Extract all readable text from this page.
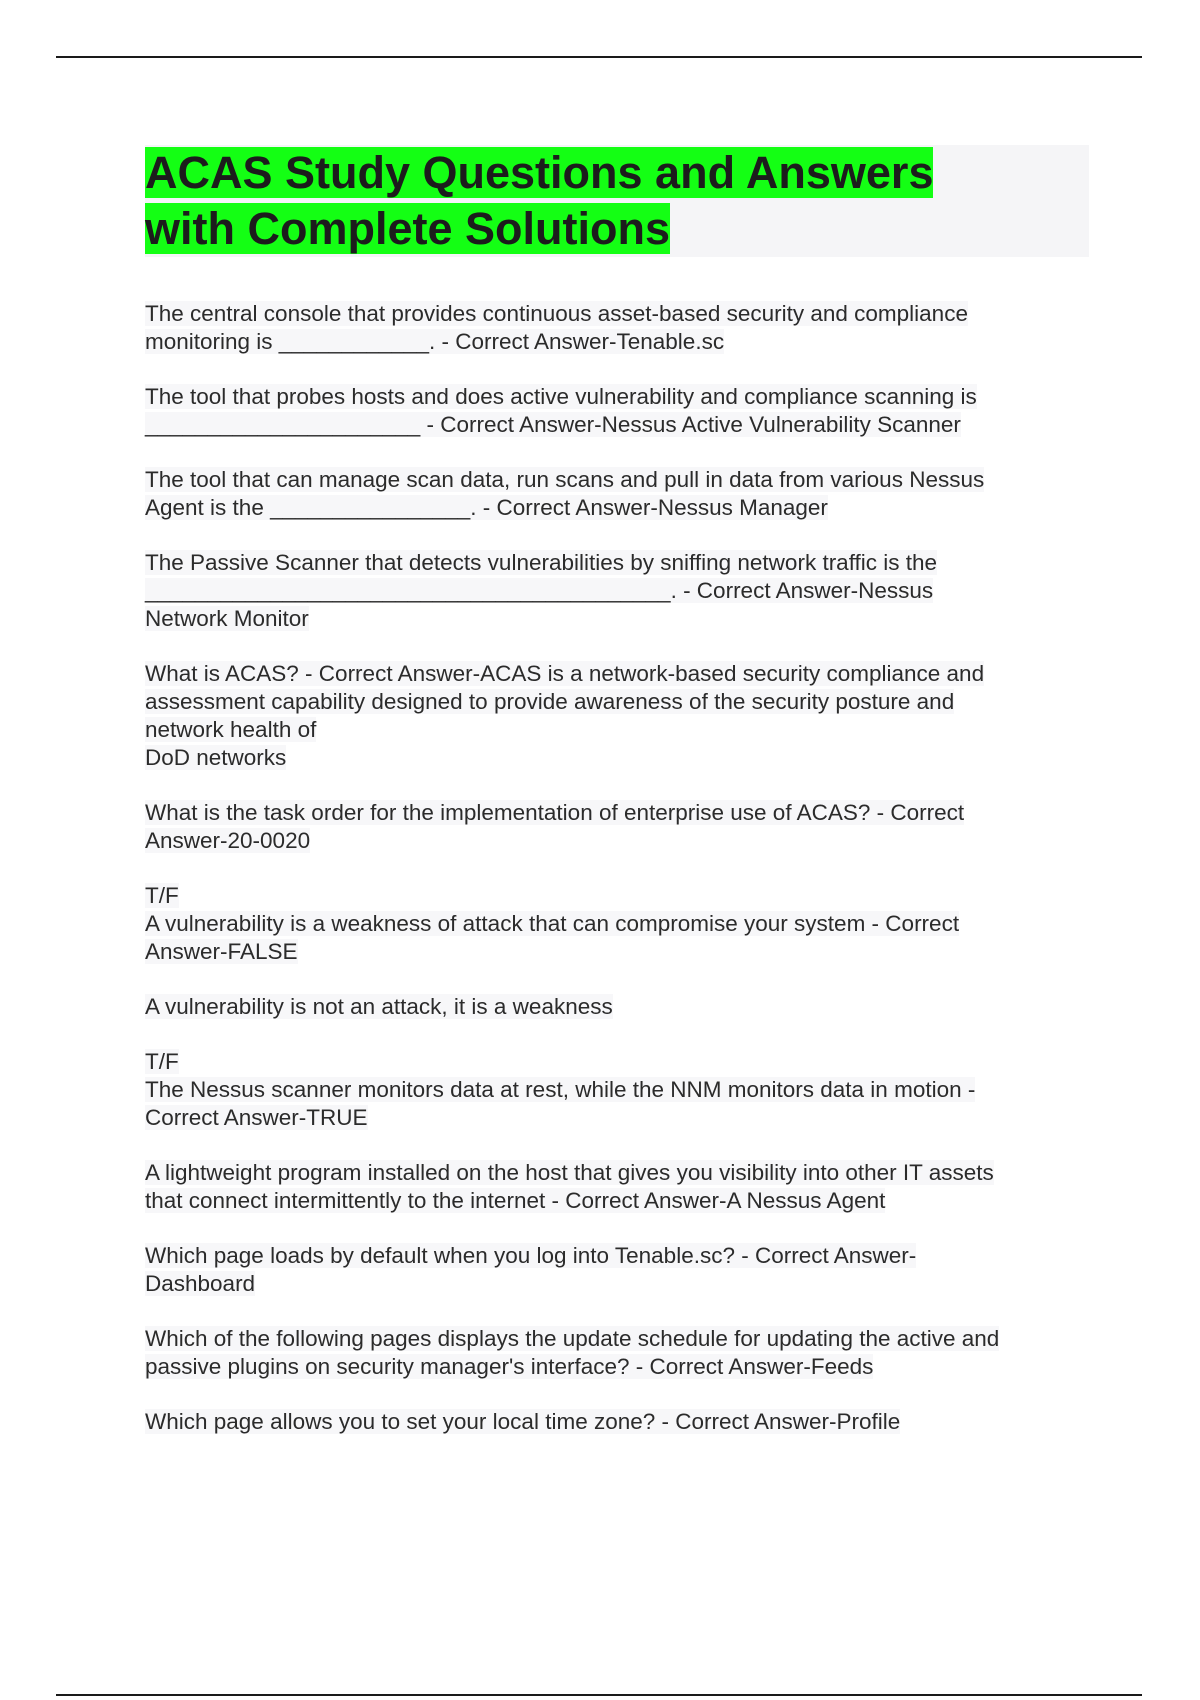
ACAS Study Questions and Answers
with Complete Solutions

The central console that provides continuous asset-based security and compliance
monitoring is ____________. - Correct Answer-Tenable.sc

The tool that probes hosts and does active vulnerability and compliance scanning is
______________________ - Correct Answer-Nessus Active Vulnerability Scanner

The tool that can manage scan data, run scans and pull in data from various Nessus
Agent is the ________________. - Correct Answer-Nessus Manager

The Passive Scanner that detects vulnerabilities by sniffing network traffic is the
__________________________________________. - Correct Answer-Nessus
Network Monitor

What is ACAS? - Correct Answer-ACAS is a network-based security compliance and
assessment capability designed to provide awareness of the security posture and
network health of
DoD networks

What is the task order for the implementation of enterprise use of ACAS? - Correct
Answer-20-0020

T/F
A vulnerability is a weakness of attack that can compromise your system - Correct
Answer-FALSE

A vulnerability is not an attack, it is a weakness

T/F
The Nessus scanner monitors data at rest, while the NNM monitors data in motion -
Correct Answer-TRUE

A lightweight program installed on the host that gives you visibility into other IT assets
that connect intermittently to the internet - Correct Answer-A Nessus Agent

Which page loads by default when you log into Tenable.sc? - Correct Answer-
Dashboard

Which of the following pages displays the update schedule for updating the active and
passive plugins on security manager's interface? - Correct Answer-Feeds

Which page allows you to set your local time zone? - Correct Answer-Profile
